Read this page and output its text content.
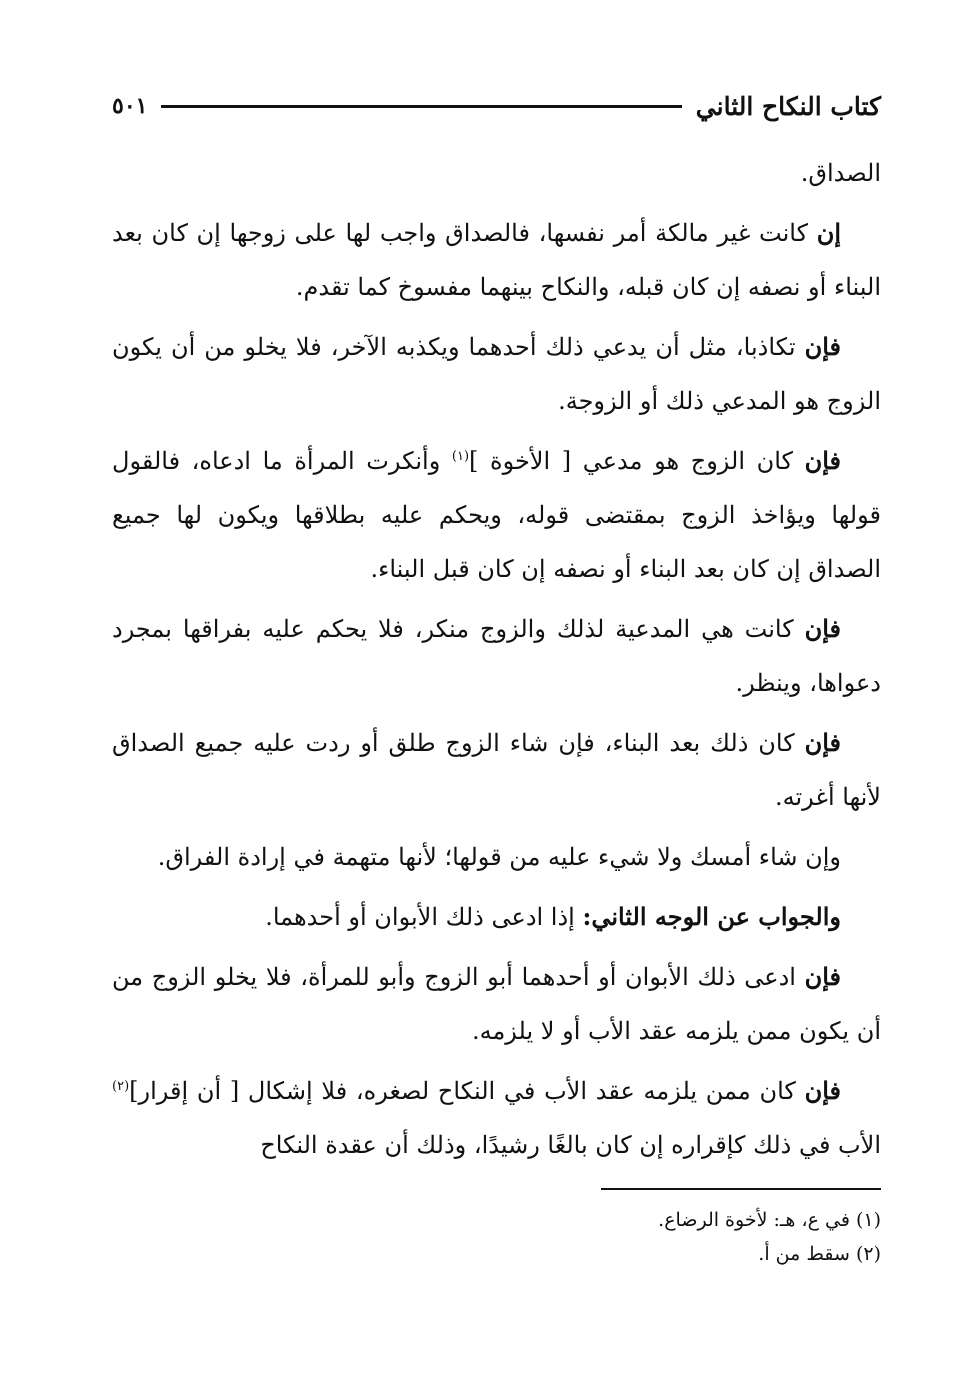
كتاب النكاح الثاني
٥٠١

الصداق.

إن كانت غير مالكة أمر نفسها، فالصداق واجب لها على زوجها إن كان بعد البناء أو نصفه إن كان قبله، والنكاح بينهما مفسوخ كما تقدم.

فإن تكاذبا، مثل أن يدعي ذلك أحدهما ويكذبه الآخر، فلا يخلو من أن يكون الزوج هو المدعي ذلك أو الزوجة.

فإن كان الزوج هو مدعي [ الأخوة ]$^{(١)}$ وأنكرت المرأة ما ادعاه، فالقول قولها ويؤاخذ الزوج بمقتضى قوله، ويحكم عليه بطلاقها ويكون لها جميع الصداق إن كان بعد البناء أو نصفه إن كان قبل البناء.

فإن كانت هي المدعية لذلك والزوج منكر، فلا يحكم عليه بفراقها بمجرد دعواها، وينظر.

فإن كان ذلك بعد البناء، فإن شاء الزوج طلق أو ردت عليه جميع الصداق لأنها أغرته.

وإن شاء أمسك ولا شيء عليه من قولها؛ لأنها متهمة في إرادة الفراق.

والجواب عن الوجه الثاني: إذا ادعى ذلك الأبوان أو أحدهما.

فإن ادعى ذلك الأبوان أو أحدهما أبو الزوج وأبو للمرأة، فلا يخلو الزوج من أن يكون ممن يلزمه عقد الأب أو لا يلزمه.

فإن كان ممن يلزمه عقد الأب في النكاح لصغره، فلا إشكال [ أن إقرار]$^{(٢)}$ الأب في ذلك كإقراره إن كان بالغًا رشيدًا، وذلك أن عقدة النكاح

(١) في ع، هـ: لأخوة الرضاع.
(٢) سقط من أ.
